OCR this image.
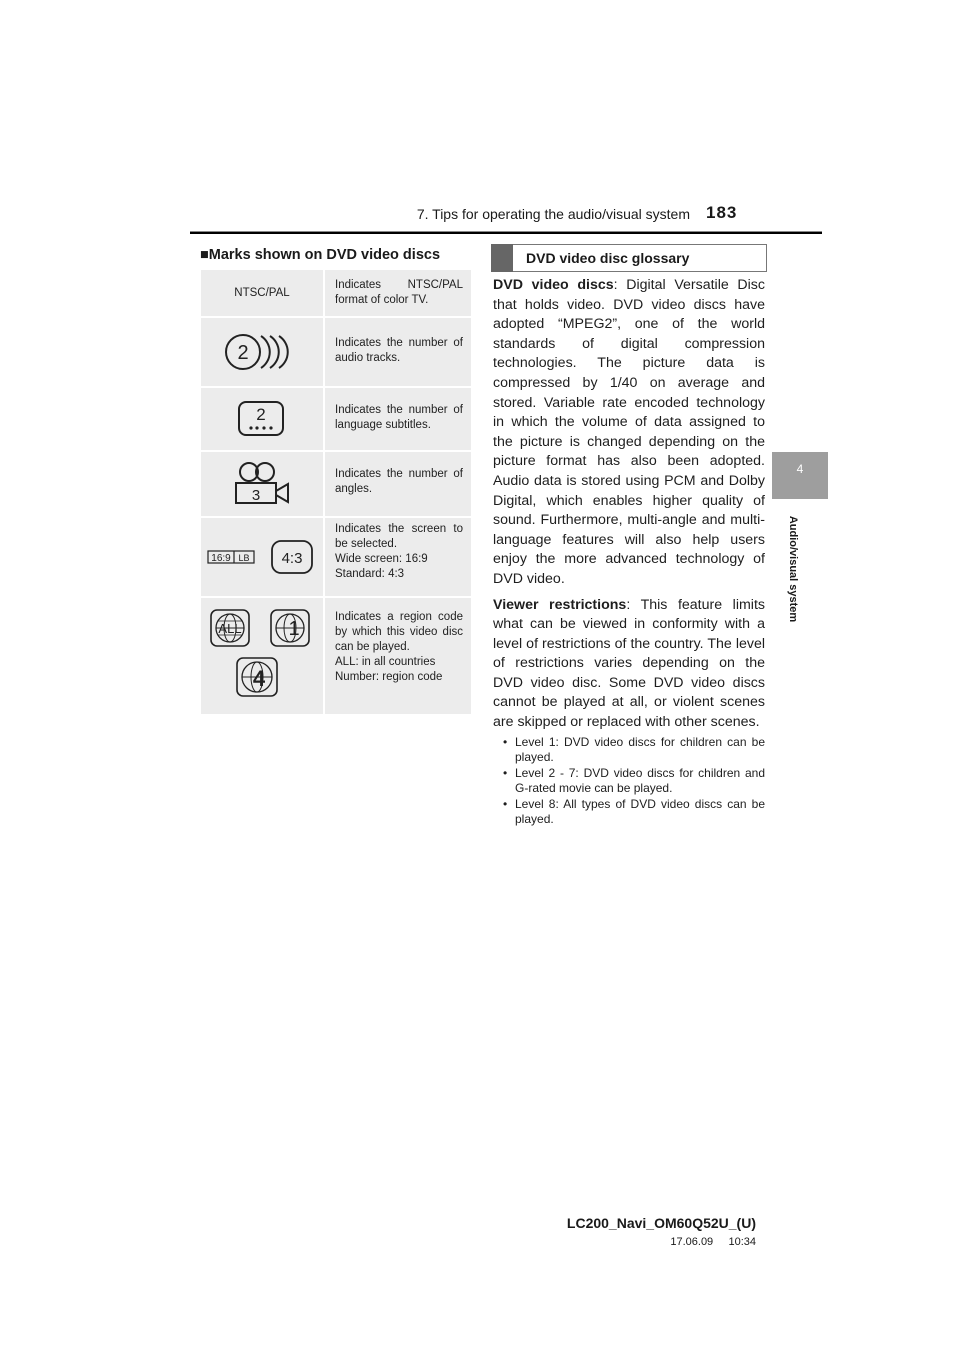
7. Tips for operating the audio/visual system 183
4
Audio/visual system
■Marks shown on DVD video discs
NTSC/PAL
Indicates NTSC/PAL format of color TV.
2	Indicates the number of audio tracks.
2	Indicates the number of language subtitles.
3
Indicates the number of angles.
16:9 LB 4:3
Indicates the screen to be selected.
Wide screen: 16:9
Standard: 4:3
ALL 1
4
Indicates a region code by which this video disc can be played.
ALL: in all countries
Number: region code
DVD video disc glossary

DVD video discs: Digital Versatile Disc that holds video. DVD video discs have adopted “MPEG2”, one of the world standards of digital compression technologies. The picture data is compressed by 1/40 on average and stored. Variable rate encoded technology in which the volume of data assigned to the picture is changed depending on the picture format has also been adopted. Audio data is stored using PCM and Dolby Digital, which enables higher quality of sound. Furthermore, multi-angle and multi-language features will also help users enjoy the more advanced technology of DVD video.

Viewer restrictions: This feature limits what can be viewed in conformity with a level of restrictions of the country. The level of restrictions varies depending on the DVD video disc. Some DVD video discs cannot be played at all, or violent scenes are skipped or replaced with other scenes.

• Level 1: DVD video discs for children can be played.
• Level 2 - 7: DVD video discs for children and G-rated movie can be played.
• Level 8: All types of DVD video discs can be played.
LC200_Navi_OM60Q52U_(U)
17.06.09     10:34
